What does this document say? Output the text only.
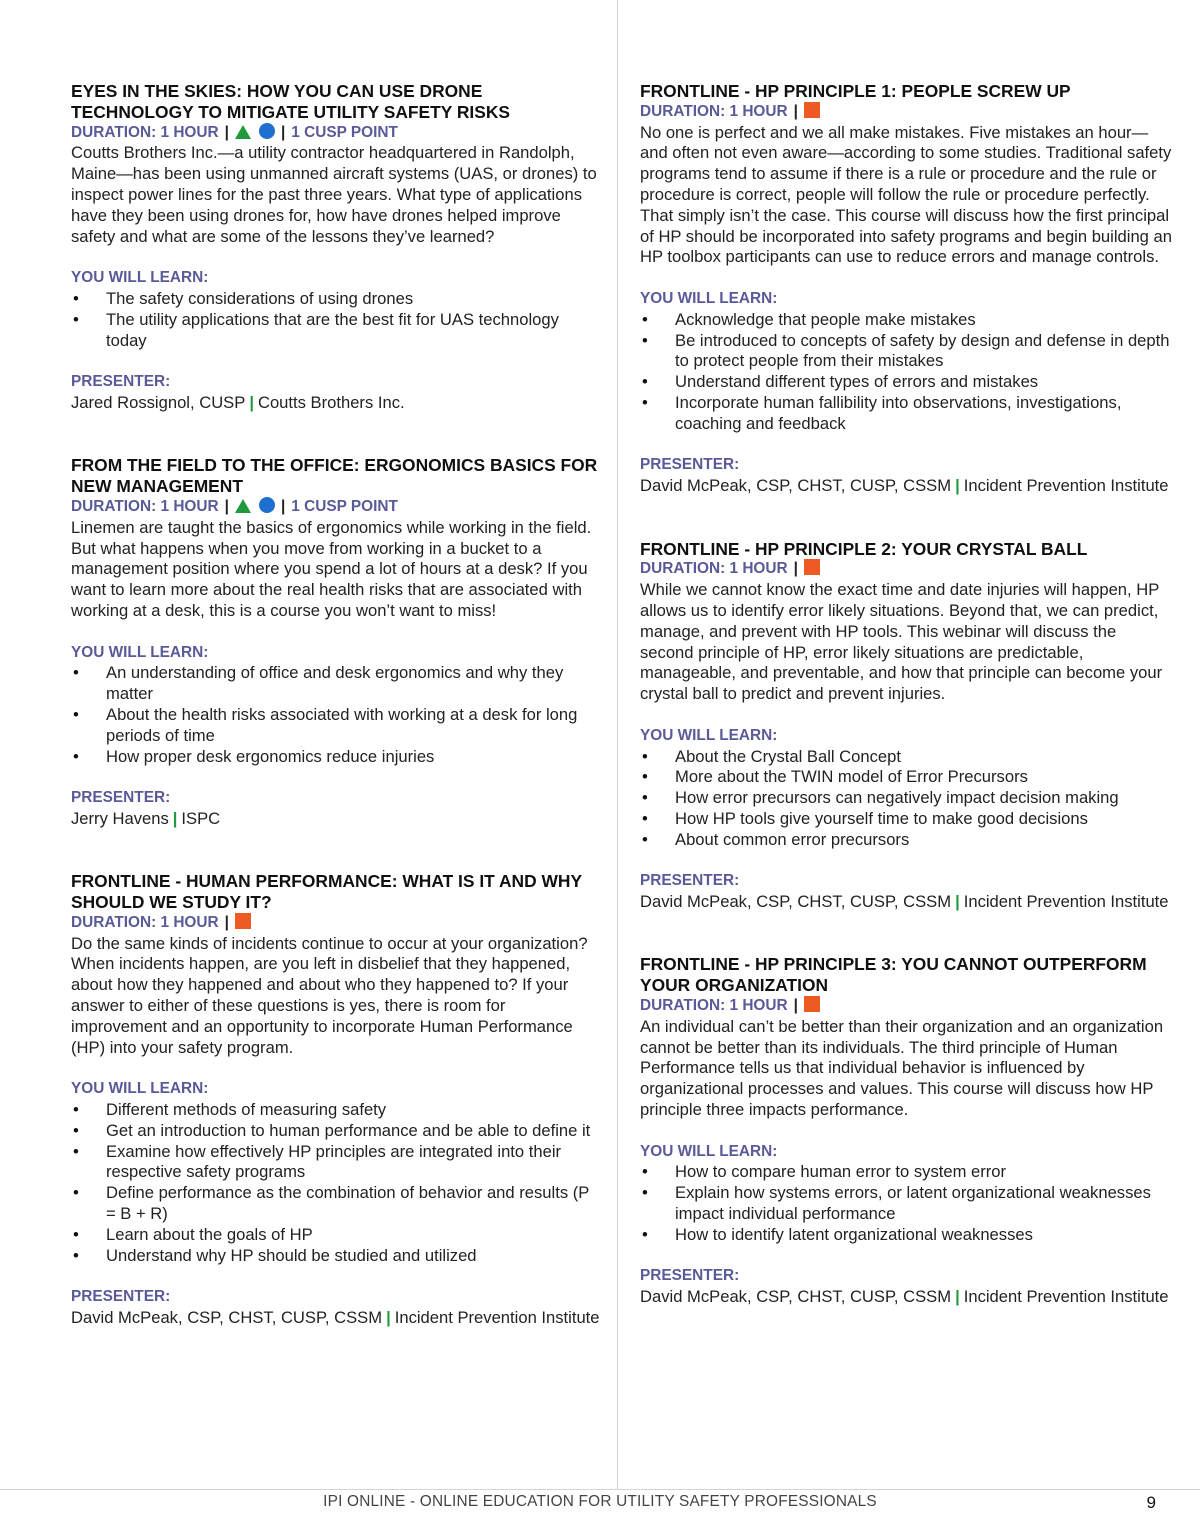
EYES IN THE SKIES: HOW YOU CAN USE DRONE TECHNOLOGY TO MITIGATE UTILITY SAFETY RISKS
DURATION: 1 HOUR |	| 1 CUSP POINT

Coutts Brothers Inc.—a utility contractor headquartered in Randolph, Maine—has been using unmanned aircraft systems (UAS, or drones) to inspect power lines for the past three years. What type of applications have they been using drones for, how have drones helped improve safety and what are some of the lessons they’ve learned?

YOU WILL LEARN:
• The safety considerations of using drones
• The utility applications that are the best fit for UAS technology today
PRESENTER:
Jared Rossignol, CUSP | Coutts Brothers Inc.
FROM THE FIELD TO THE OFFICE: ERGONOMICS BASICS FOR NEW MANAGEMENT
DURATION: 1 HOUR |	| 1 CUSP POINT

Linemen are taught the basics of ergonomics while working in the field. But what happens when you move from working in a bucket to a management position where you spend a lot of hours at a desk? If you want to learn more about the real health risks that are associated with working at a desk, this is a course you won’t want to miss!

YOU WILL LEARN:
• An understanding of office and desk ergonomics and why they matter
• About the health risks associated with working at a desk for long periods of time
• How proper desk ergonomics reduce injuries
PRESENTER:
Jerry Havens | ISPC
FRONTLINE - HUMAN PERFORMANCE: WHAT IS IT AND WHY SHOULD WE STUDY IT?
DURATION: 1 HOUR |

Do the same kinds of incidents continue to occur at your organization? When incidents happen, are you left in disbelief that they happened, about how they happened and about who they happened to? If your answer to either of these questions is yes, there is room for improvement and an opportunity to incorporate Human Performance (HP) into your safety program.

YOU WILL LEARN:
• Different methods of measuring safety
• Get an introduction to human performance and be able to define it
• Examine how effectively HP principles are integrated into their respective safety programs
• Define performance as the combination of behavior and results (P = B + R)
• Learn about the goals of HP
• Understand why HP should be studied and utilized
PRESENTER:
David McPeak, CSP, CHST, CUSP, CSSM | Incident Prevention Institute
FRONTLINE - HP PRINCIPLE 1: PEOPLE SCREW UP
DURATION: 1 HOUR |

No one is perfect and we all make mistakes. Five mistakes an hour—and often not even aware—according to some studies. Traditional safety programs tend to assume if there is a rule or procedure and the rule or procedure is correct, people will follow the rule or procedure perfectly. That simply isn’t the case. This course will discuss how the first principal of HP should be incorporated into safety programs and begin building an HP toolbox participants can use to reduce errors and manage controls.

YOU WILL LEARN:
• Acknowledge that people make mistakes
• Be introduced to concepts of safety by design and defense in depth to protect people from their mistakes
• Understand different types of errors and mistakes
• Incorporate human fallibility into observations, investigations, coaching and feedback
PRESENTER:
David McPeak, CSP, CHST, CUSP, CSSM | Incident Prevention Institute
FRONTLINE - HP PRINCIPLE 2: YOUR CRYSTAL BALL
DURATION: 1 HOUR |

While we cannot know the exact time and date injuries will happen, HP allows us to identify error likely situations. Beyond that, we can predict, manage, and prevent with HP tools. This webinar will discuss the second principle of HP, error likely situations are predictable, manageable, and preventable, and how that principle can become your crystal ball to predict and prevent injuries.

YOU WILL LEARN:
• About the Crystal Ball Concept
• More about the TWIN model of Error Precursors
• How error precursors can negatively impact decision making
• How HP tools give yourself time to make good decisions
• About common error precursors
PRESENTER:
David McPeak, CSP, CHST, CUSP, CSSM | Incident Prevention Institute
FRONTLINE - HP PRINCIPLE 3: YOU CANNOT OUTPERFORM YOUR ORGANIZATION
DURATION: 1 HOUR |

An individual can’t be better than their organization and an organization cannot be better than its individuals. The third principle of Human Performance tells us that individual behavior is influenced by organizational processes and values. This course will discuss how HP principle three impacts performance.

YOU WILL LEARN:
• How to compare human error to system error
• Explain how systems errors, or latent organizational weaknesses impact individual performance
• How to identify latent organizational weaknesses
PRESENTER:
David McPeak, CSP, CHST, CUSP, CSSM | Incident Prevention Institute
IPI ONLINE - ONLINE EDUCATION FOR UTILITY SAFETY PROFESSIONALS	9
